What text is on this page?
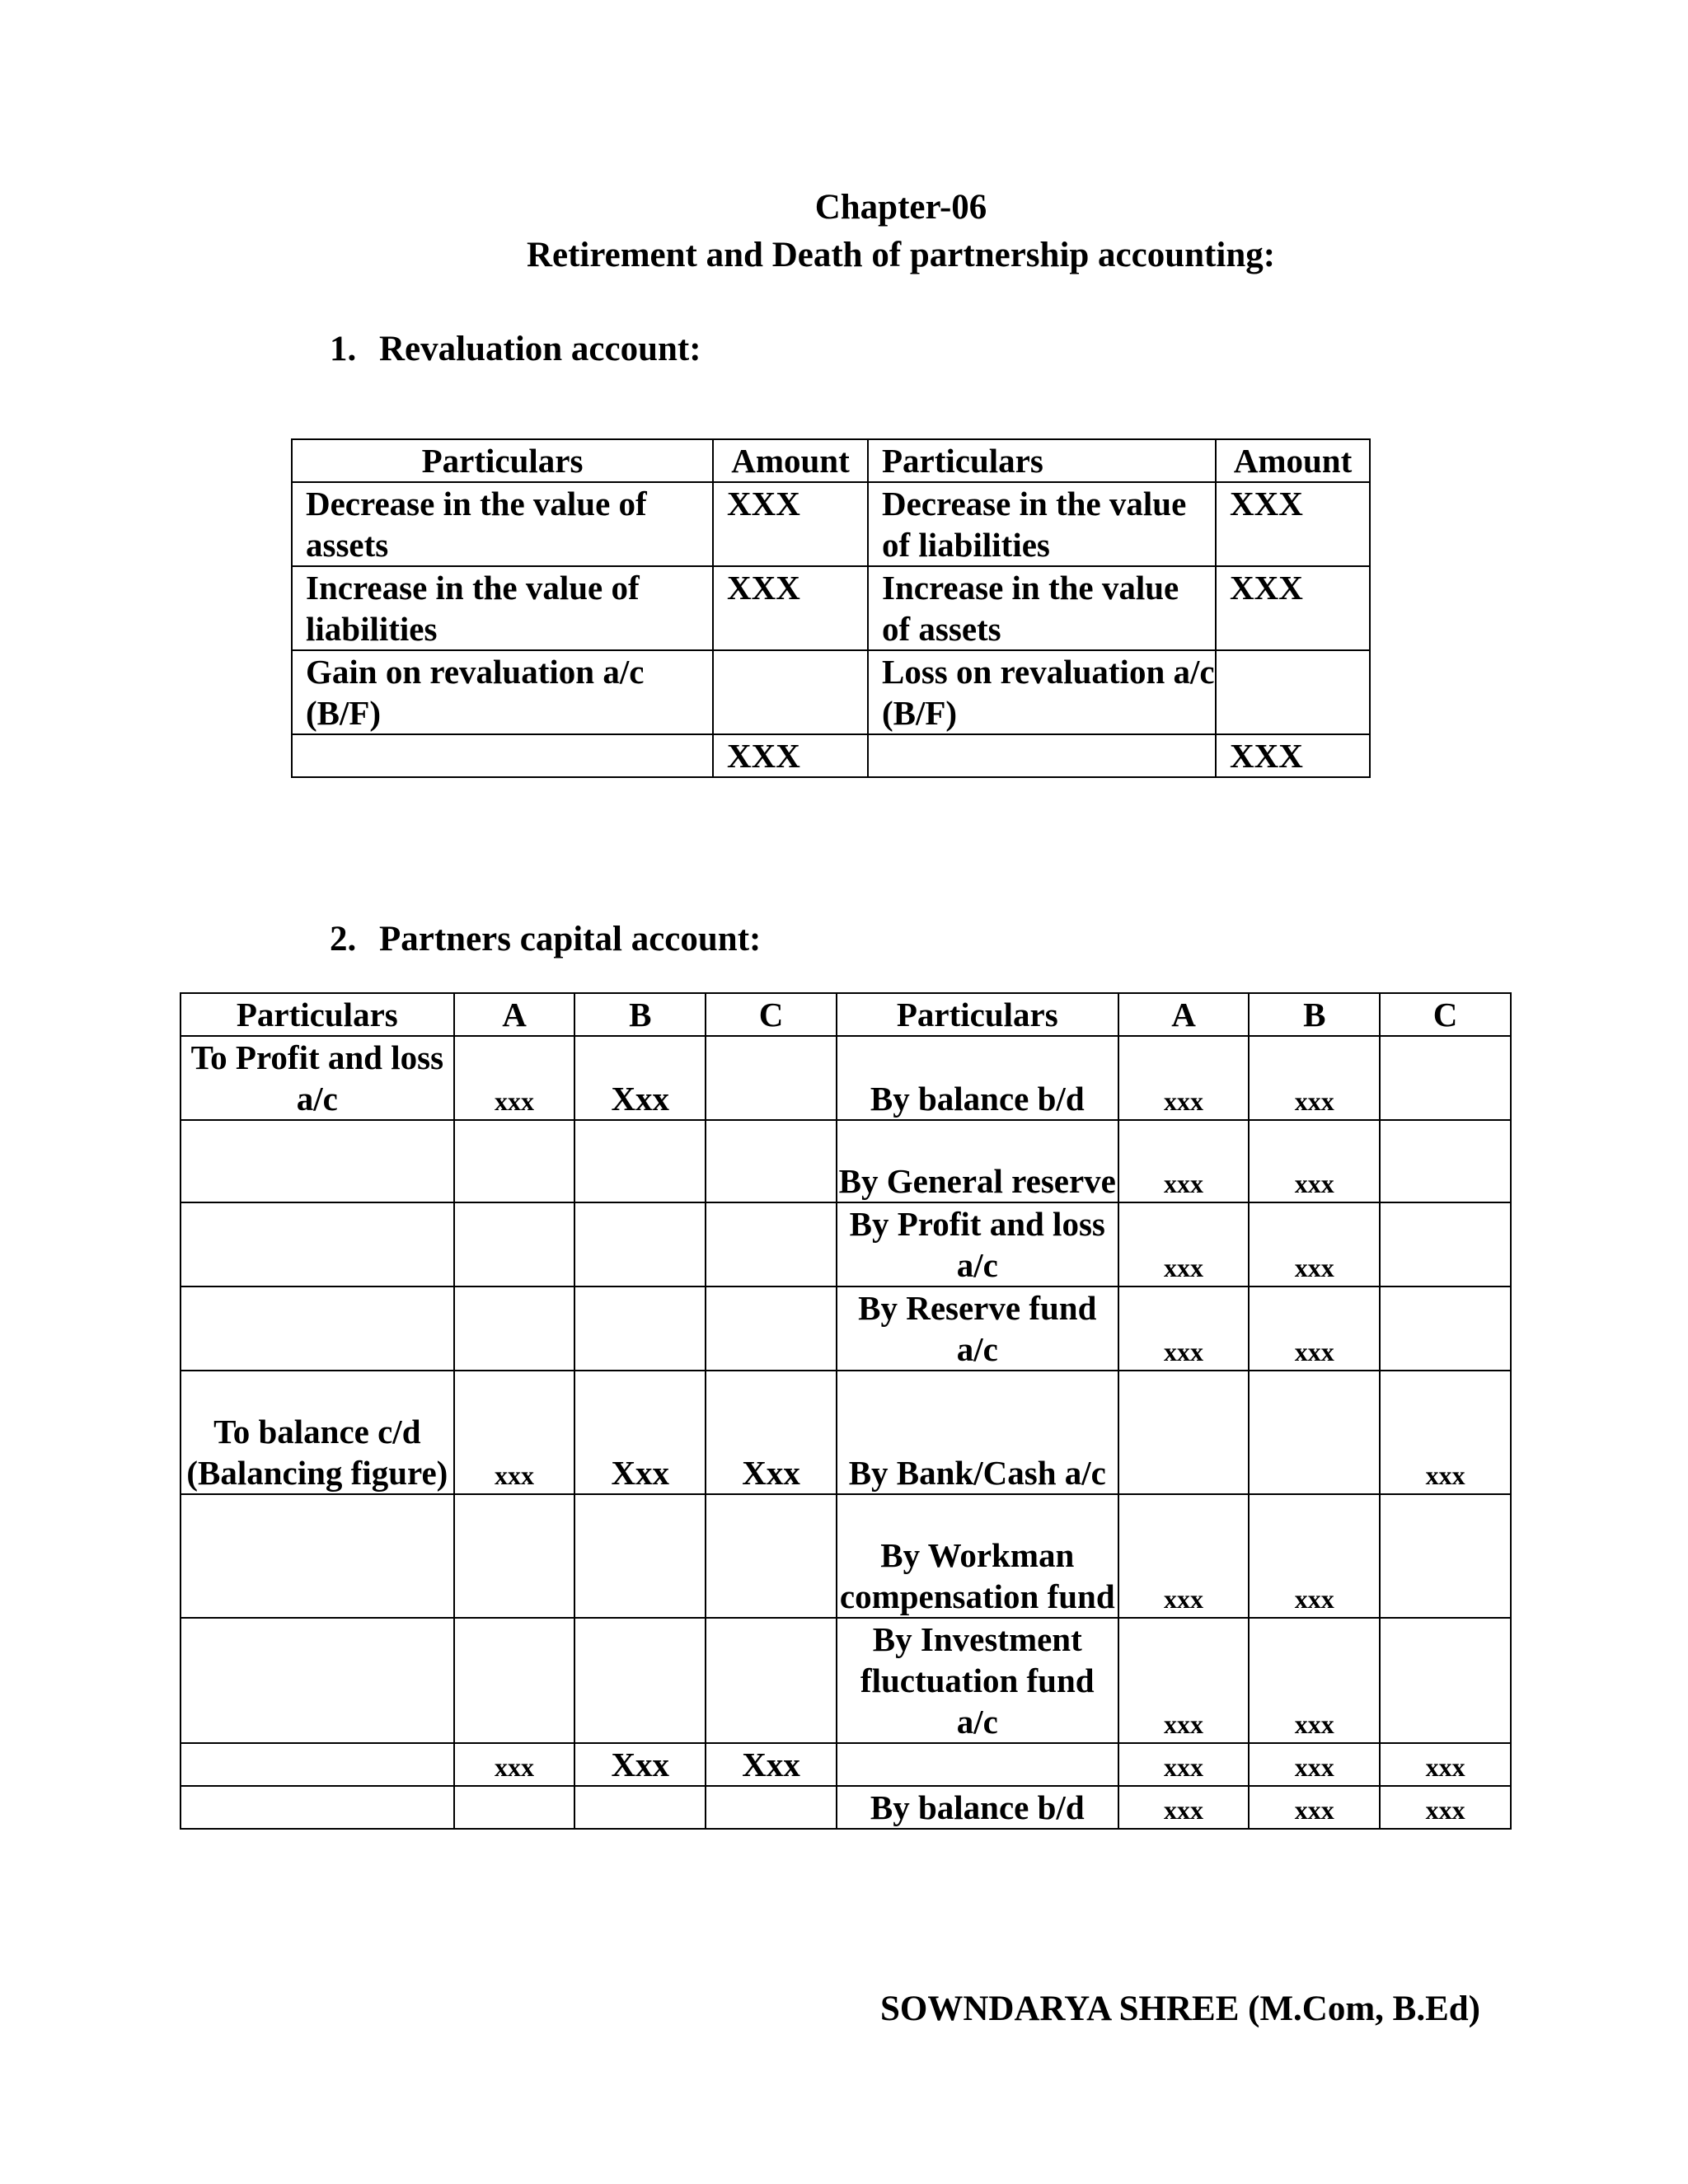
Chapter-06
Retirement and Death of partnership accounting:
1. Revaluation account:
Particulars	Amount	Particulars	Amount
Decrease in the value of assets	XXX	Decrease in the value of liabilities	XXX
Increase in the value of liabilities	XXX	Increase in the value of assets	XXX
Gain on revaluation a/c (B/F)		Loss on revaluation a/c (B/F)	
	XXX		XXX
2. Partners capital account:
Particulars	A	B	C	Particulars	A	B	C
To Profit and loss a/c	xxx	Xxx		By balance b/d	xxx	xxx	
				By General reserve	xxx	xxx	
				By Profit and loss a/c	xxx	xxx	
				By Reserve fund a/c	xxx	xxx	
To balance c/d (Balancing figure)	xxx	Xxx	Xxx	By Bank/Cash a/c			xxx
				By Workman compensation fund	xxx	xxx	
				By Investment fluctuation fund a/c	xxx	xxx	
	xxx	Xxx	Xxx		xxx	xxx	xxx
				By balance b/d	xxx	xxx	xxx
SOWNDARYA SHREE (M.Com, B.Ed)
